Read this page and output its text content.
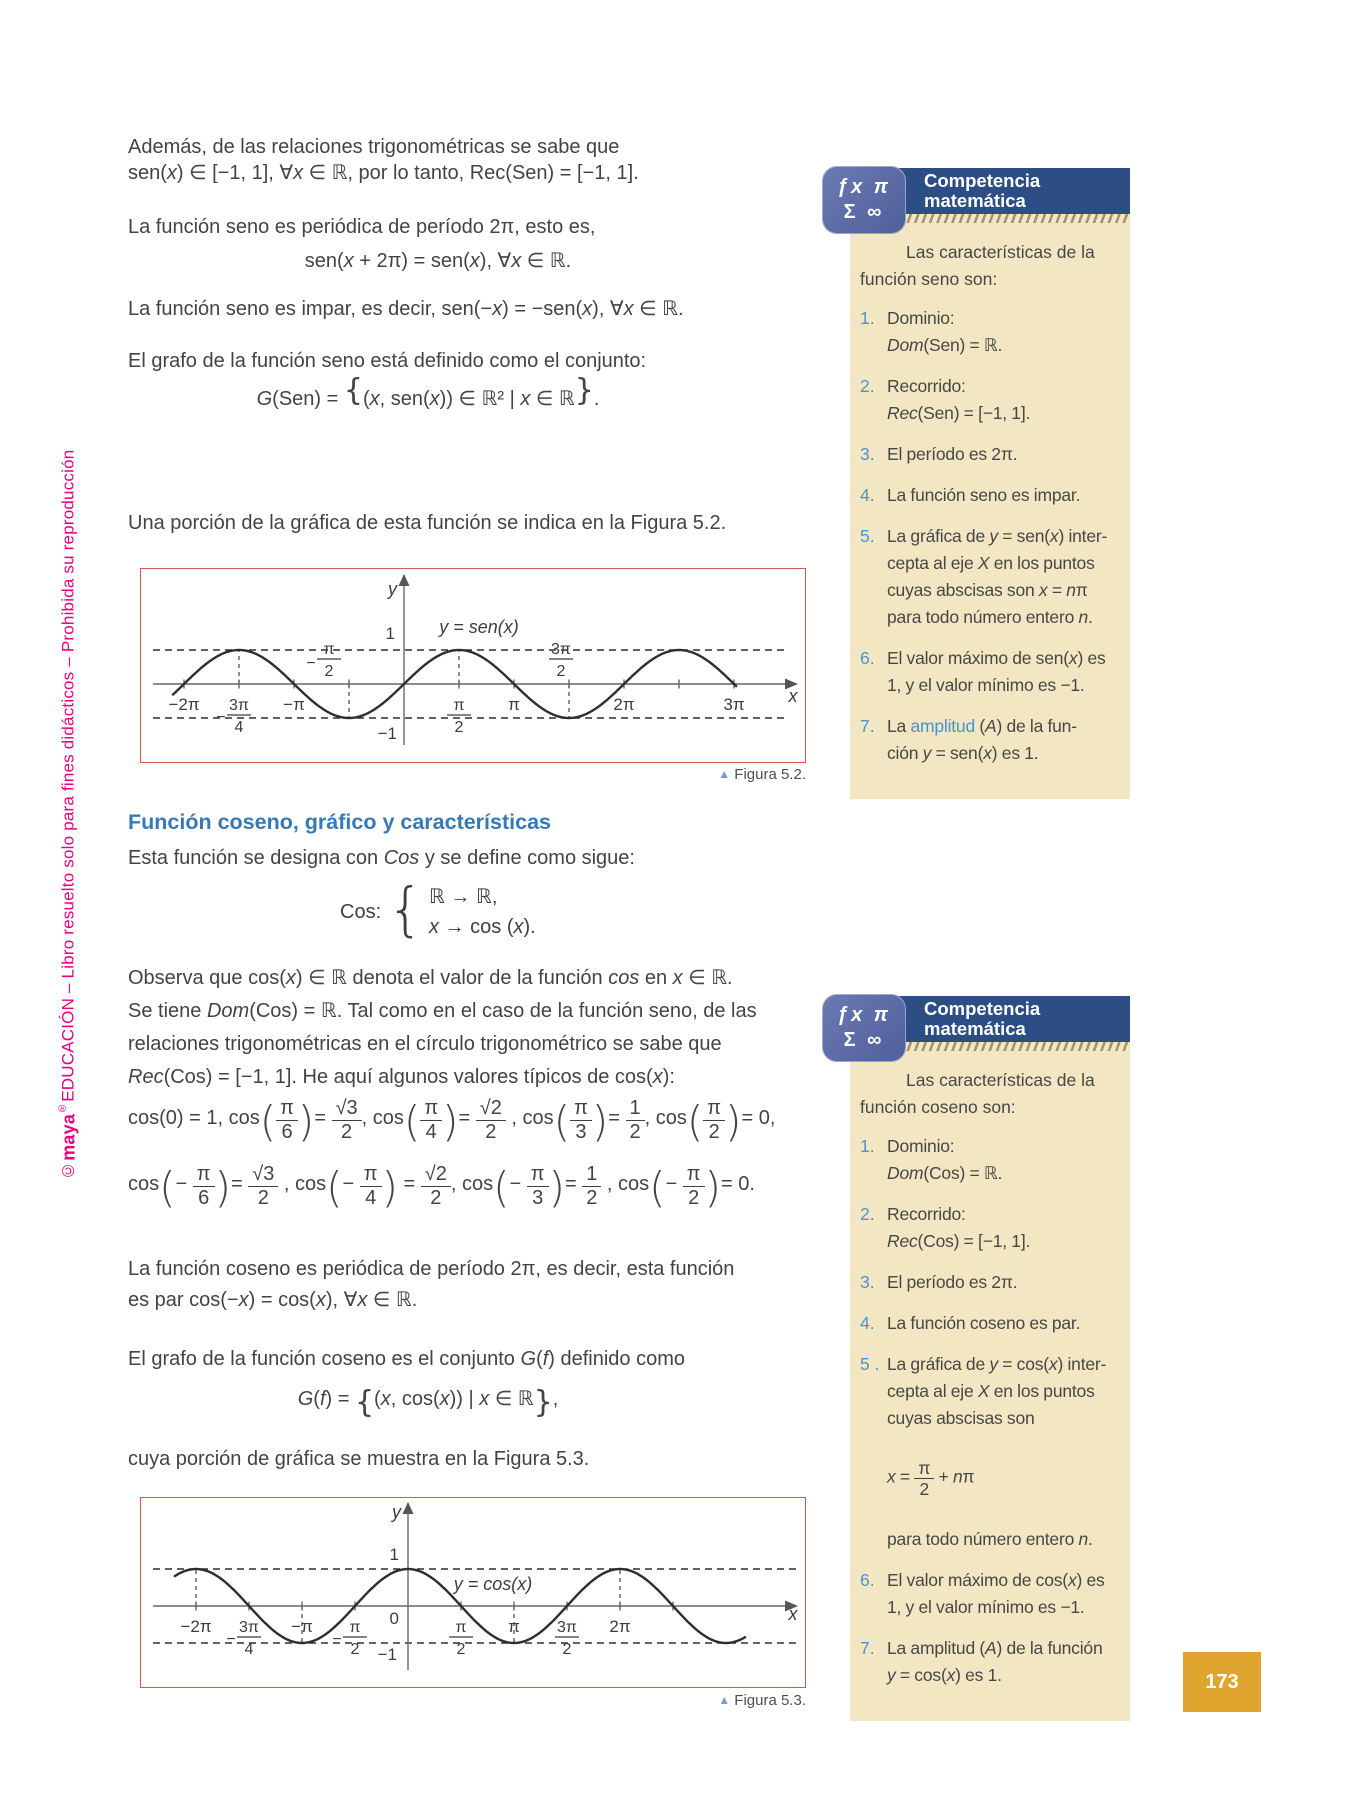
©maya®EDUCACIÓN – Libro resuelto solo para fines didácticos – Prohibida su reproducción

Además, de las relaciones trigonométricas se sabe que
sen(x) ∈ [−1, 1], ∀x ∈ ℝ, por lo tanto, Rec(Sen) = [−1, 1].

La función seno es periódica de período 2π, esto es,

sen(x + 2π) = sen(x), ∀x ∈ ℝ.

La función seno es impar, es decir, sen(−x) = −sen(x), ∀x ∈ ℝ.

El grafo de la función seno está definido como el conjunto:

G(Sen) = {(x, sen(x)) ∈ ℝ² | x ∈ ℝ}.

Una porción de la gráfica de esta función se indica en la Figura 5.2.

−2π 3π
4
−
−π
π
2
−
π
2
π
3π
2
2π	3π
y
x
1
−1
y = sen(x)
▲ Figura 5.2.
Función coseno, gráfico y características

Esta función se designa con Cos y se define como sigue:

Cos: { ℝ → ℝ,
x → cos (x).

Observa que cos(x) ∈ ℝ denota el valor de la función cos en x ∈ ℝ.
Se tiene Dom(Cos) = ℝ. Tal como en el caso de la función seno, de las
relaciones trigonométricas en el círculo trigonométrico se sabe que
Rec(Cos) = [−1, 1]. He aquí algunos valores típicos de cos(x):

cos(0) = 1, $\cos( \frac{\pi}{6}$ )= $\frac{√3}{2}$ , $\cos( \frac{\pi}{4}$ )= $\frac{√2}{2}$ , $\cos( \frac{\pi}{3}$ )= $\frac{1}{2}$ , $\cos( \frac{\pi}{2}$ )= 0,
$\cos(- \frac{\pi}{6}$ )= $\frac{√3}{2}$ , $\cos(- \frac{\pi}{4}$ ) = $\frac{√2}{2}$ , $\cos(- \frac{\pi}{3}$ )= $\frac{1}{2}$ , $\cos(- \frac{\pi}{2}$ )= 0.

La función coseno es periódica de período 2π, es decir, esta función
es par cos(−x) = cos(x), ∀x ∈ ℝ.

El grafo de la función coseno es el conjunto G(f) definido como

G(f) = {(x, cos(x)) | x ∈ ℝ},

cuya porción de gráfica se muestra en la Figura 5.3.

−2π 3π
4
−
−π π
2
−
π
2
π 3π
2
2π
y
x
1
−1
0
y = cos(x)
▲ Figura 5.3.
Competencia
matemática

Las características de la
función seno son:

1. Dominio:
Dom(Sen) = ℝ.
2. Recorrido:
Rec(Sen) = [−1, 1].
3. El período es 2π.
4. La función seno es impar.
5. La gráfica de y = sen(x) inter-
cepta al eje X en los puntos
cuyas abscisas son x = nπ
para todo número entero n.
6. El valor máximo de sen(x) es
1, y el valor mínimo es −1.
7. La amplitud (A) de la fun-
ción y = sen(x) es 1.
ƒx π
Σ ∞
Competencia
matemática

Las características de la
función coseno son:

1. Dominio:
Dom(Cos) = ℝ.
2. Recorrido:
Rec(Cos) = [−1, 1].
3. El período es 2π.
4. La función coseno es par.
5 . La gráfica de y = cos(x) inter-
cepta al eje X en los puntos
cuyas abscisas son

$x = \frac{\pi}{2} + n\pi$

para todo número entero n.
6. El valor máximo de cos(x) es
1, y el valor mínimo es −1.
7. La amplitud (A) de la función
y = cos(x) es 1.
ƒx π
Σ ∞
173
